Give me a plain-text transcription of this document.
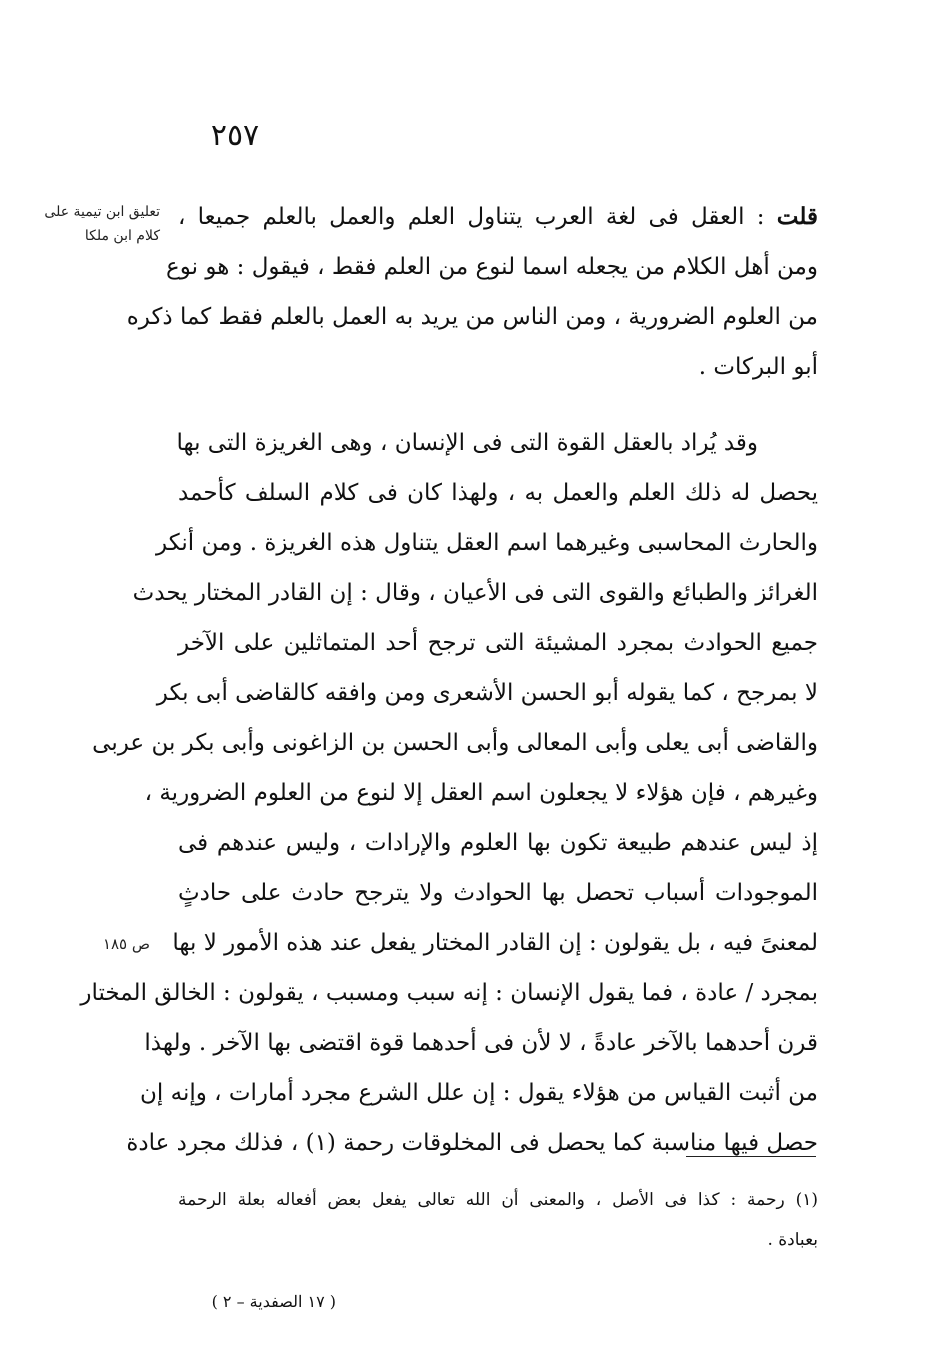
٢٥٧
تعليق ابن تيمية على كلام ابن ملكا
ص ١٨٥
قلت : العقل فى لغة العرب يتناول العلم والعمل بالعلم جميعا ،
ومن أهل الكلام من يجعله اسما لنوع من العلم فقط ، فيقول : هو نوع
من العلوم الضرورية ، ومن الناس من يريد به العمل بالعلم فقط كما ذكره
أبو البركات .
وقد يُراد بالعقل القوة التى فى الإنسان ، وهى الغريزة التى بها
يحصل له ذلك العلم والعمل به ، ولهذا كان فى كلام السلف كأحمد
والحارث المحاسبى وغيرهما اسم العقل يتناول هذه الغريزة . ومن أنكر
الغرائز والطبائع والقوى التى فى الأعيان ، وقال : إن القادر المختار يحدث
جميع الحوادث بمجرد المشيئة التى ترجح أحد المتماثلين على الآخر
لا بمرجح ، كما يقوله أبو الحسن الأشعرى ومن وافقه كالقاضى أبى بكر
والقاضى أبى يعلى وأبى المعالى وأبى الحسن بن الزاغونى وأبى بكر بن عربى
وغيرهم ، فإن هؤلاء لا يجعلون اسم العقل إلا لنوع من العلوم الضرورية ،
إذ ليس عندهم طبيعة تكون بها العلوم والإرادات ، وليس عندهم فى
الموجودات أسباب تحصل بها الحوادث ولا يترجح حادث على حادثٍ
لمعنىً فيه ، بل يقولون : إن القادر المختار يفعل عند هذه الأمور لا بها
بمجرد / عادة ، فما يقول الإنسان : إنه سبب ومسبب ، يقولون : الخالق المختار
قرن أحدهما بالآخر عادةً ، لا لأن فى أحدهما قوة اقتضى بها الآخر . ولهذا
من أثبت القياس من هؤلاء يقول : إن علل الشرع مجرد أمارات ، وإنه إن
حصل فيها مناسبة كما يحصل فى المخلوقات رحمة (١) ، فذلك مجرد عادة
(١) رحمة : كذا فى الأصل ، والمعنى أن الله تعالى يفعل بعض أفعاله بعلة الرحمة
بعبادة .
( ١٧ الصفدية – ٢ )
